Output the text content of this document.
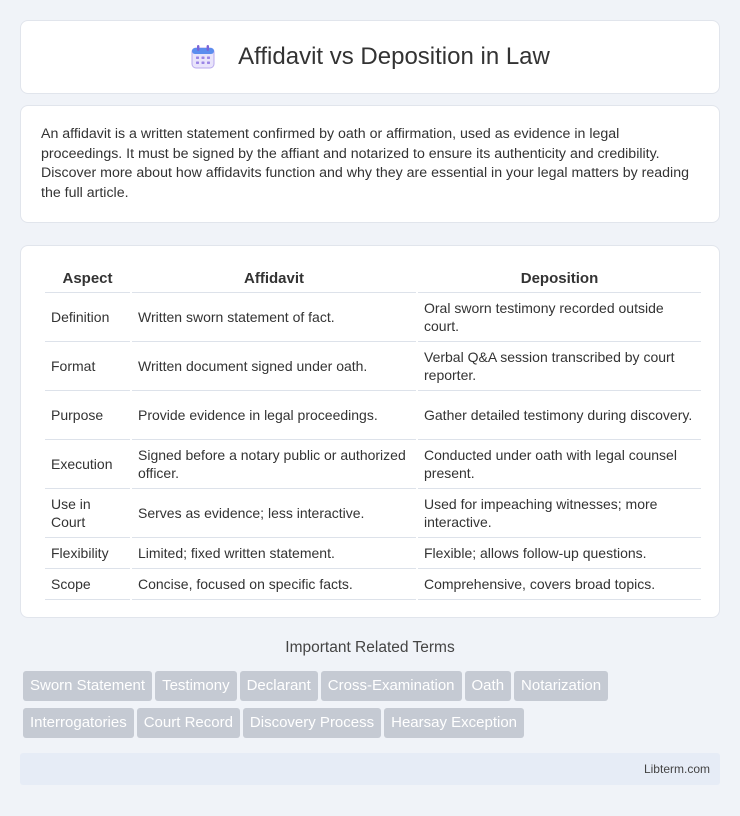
Affidavit vs Deposition in Law

An affidavit is a written statement confirmed by oath or affirmation, used as evidence in legal proceedings. It must be signed by the affiant and notarized to ensure its authenticity and credibility. Discover more about how affidavits function and why they are essential in your legal matters by reading the full article.

Aspect	Affidavit	Deposition
Definition	Written sworn statement of fact.	Oral sworn testimony recorded outside court.
Format	Written document signed under oath.	Verbal Q&A session transcribed by court reporter.
Purpose	Provide evidence in legal proceedings.	Gather detailed testimony during discovery.
Execution	Signed before a notary public or authorized officer.	Conducted under oath with legal counsel present.
Use in Court	Serves as evidence; less interactive.	Used for impeaching witnesses; more interactive.
Flexibility	Limited; fixed written statement.	Flexible; allows follow-up questions.
Scope	Concise, focused on specific facts.	Comprehensive, covers broad topics.
Important Related Terms
Sworn Statement Testimony Declarant Cross-Examination Oath Notarization
Interrogatories Court Record Discovery Process Hearsay Exception
Libterm.com
